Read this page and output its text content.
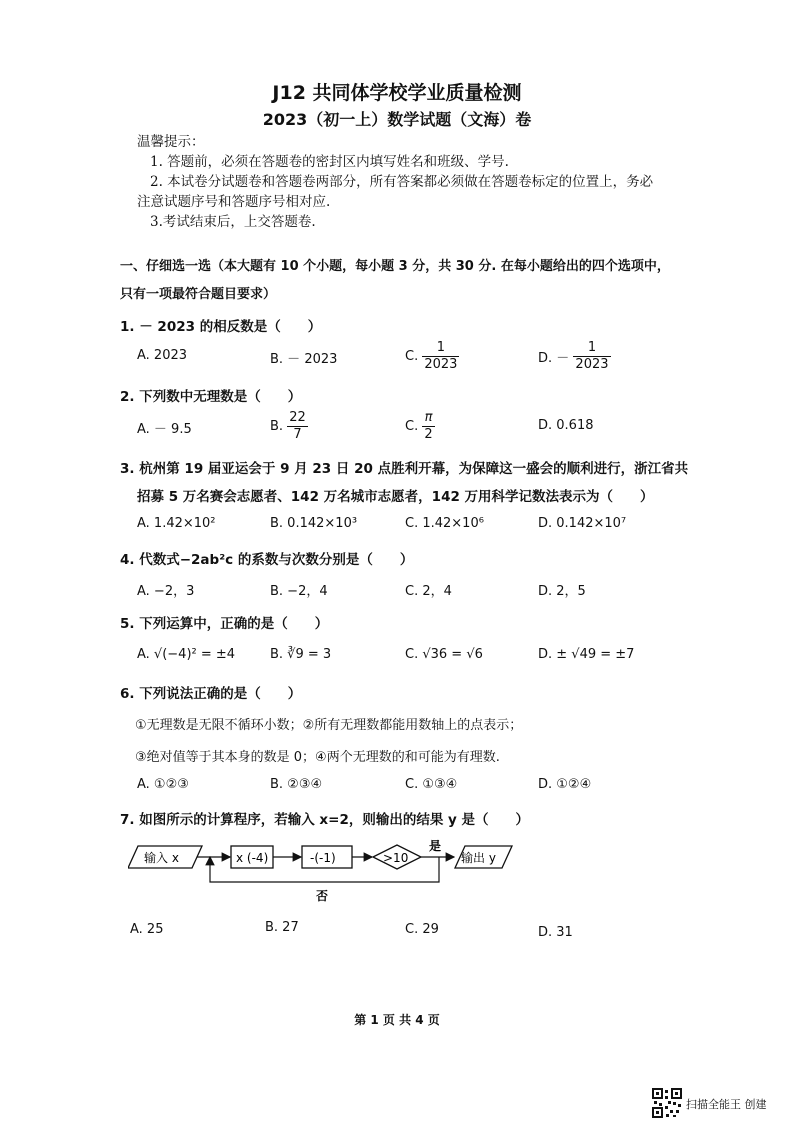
J12 共同体学校学业质量检测
2023（初一上）数学试题（文海）卷
温馨提示：
1. 答题前，必须在答题卷的密封区内填写姓名和班级、学号.
2. 本试卷分试题卷和答题卷两部分，所有答案都必须做在答题卷标定的位置上，务必
注意试题序号和答题序号相对应.
3.考试结束后，上交答题卷.
一、仔细选一选（本大题有 10 个小题，每小题 3 分，共 30 分. 在每小题给出的四个选项中，
只有一项最符合题目要求）
1. － 2023 的相反数是（　　）
A. 2023	B. － 2023	C. $\frac{1}{2023}$	D. － $\frac{1}{2023}$
2. 下列数中无理数是（　　）
A. － 9.5	B. $\frac{22}{7}$	C. $\frac{\pi}{2}$	D. 0.618
3. 杭州第 19 届亚运会于 9 月 23 日 20 点胜利开幕，为保障这一盛会的顺利进行，浙江省共
招募 5 万名赛会志愿者、142 万名城市志愿者，142 万用科学记数法表示为（　　）
A. 1.42×10²	B. 0.142×10³	C. 1.42×10⁶	D. 0.142×10⁷
4. 代数式−2ab²c 的系数与次数分别是（　　）
A. −2，3	B. −2，4	C. 2，4	D. 2，5
5. 下列运算中，正确的是（　　）
A. √(−4)² = ±4	B. ∛9 = 3	C. √36 = √6	D. ± √49 = ±7
6. 下列说法正确的是（　　）
①无理数是无限不循环小数；②所有无理数都能用数轴上的点表示；
③绝对值等于其本身的数是 0；④两个无理数的和可能为有理数.
A. ①②③	B. ②③④	C. ①③④	D. ①②④
7. 如图所示的计算程序，若输入 x=2，则输出的结果 y 是（　　）
输入 x	x (-4)	-(-1)	>10
是
输出 y
否
A. 25	B. 27	C. 29	D. 31
第 1 页 共 4 页
扫描全能王 创建
